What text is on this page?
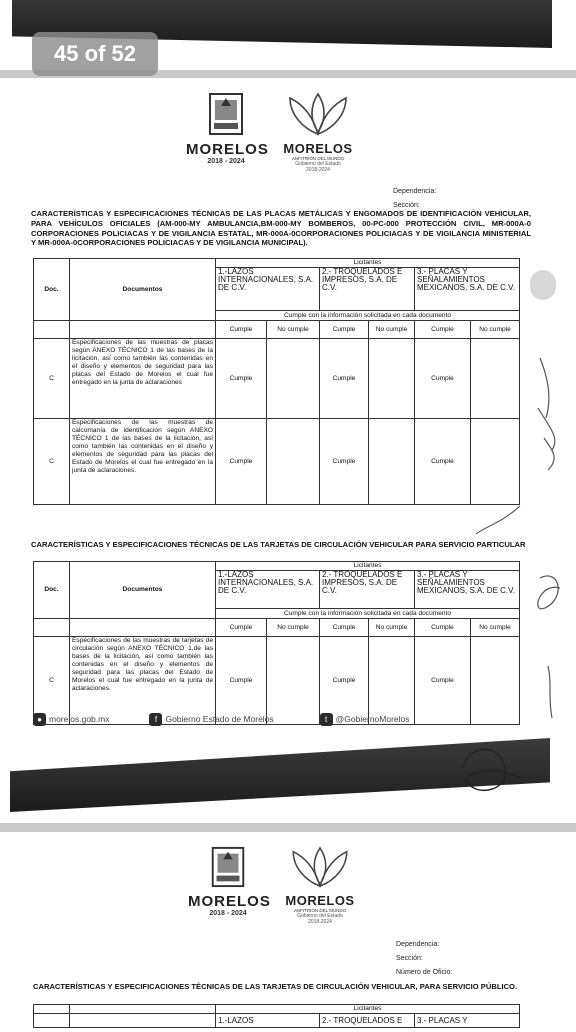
45 of 52
MORELOS
2018 - 2024
MORELOS
ANFITRIÓN DEL MUNDO
Gobierno del Estado
2018-2024
Dependencia:
Sección:
CARACTERÍSTICAS Y ESPECIFICACIONES TÉCNICAS DE LAS PLACAS METÁLICAS Y ENGOMADOS DE IDENTIFICACIÓN VEHICULAR, PARA VEHÍCULOS OFICIALES (AM-000-MY AMBULANCIA,BM-000-MY BOMBEROS, 00-PC-000 PROTECCIÓN CIVIL, MR-000A-0 CORPORACIONES POLICIACAS Y DE VIGILANCIA ESTATAL, MR-000A-0CORPORACIONES POLICIACAS Y DE VIGILANCIA MINISTERIAL Y MR-000A-0CORPORACIONES POLICIACAS Y DE VIGILANCIA MUNICIPAL).
Doc.	Documentos	Licitantes					
		1.-LAZOS INTERNACIONALES, S.A. DE C.V.		2.- TROQUELADOS E IMPRESOS, S.A. DE C.V.		3.- PLACAS Y SEÑALAMIENTOS MEXICANOS, S.A. DE C.V.	
		Cumple con la información solicitada en cada documento					
		Cumple	No cumple	Cumple	No cumple	Cumple	No cumple
C	Especificaciones de las muestras de placas según ANEXO TÉCNICO 1 de las bases de la licitación, así como también las contenidas en el diseño y elementos de seguridad para las placas del Estado de Morelos el cual fue entregado en la junta de aclaraciones	Cumple		Cumple		Cumple	
C	Especificaciones de las muestras de calcomanía de identificación según ANEXO TÉCNICO 1 de las bases de la licitación, así como también las contenidas en el diseño y elementos de seguridad para las placas del Estado de Morelos el cual fue entregado en la junta de aclaraciones.	Cumple		Cumple		Cumple	
CARACTERÍSTICAS Y ESPECIFICACIONES TÉCNICAS DE LAS TARJETAS DE CIRCULACIÓN VEHICULAR PARA SERVICIO PARTICULAR
Doc.	Documentos	Licitantes					
		1.-LAZOS INTERNACIONALES, S.A. DE C.V.		2.- TROQUELADOS E IMPRESOS, S.A. DE C.V.		3.- PLACAS Y SEÑALAMIENTOS MEXICANOS, S.A. DE C.V.	
		Cumple con la información solicitada en cada documento					
		Cumple	No cumple	Cumple	No cumple	Cumple	No cumple
C	Especificaciones de las muestras de tarjetas de circulación según ANEXO TÉCNICO 1.de las bases de la licitación, así como también las contenidas en el diseño y elementos de seguridad para las placas del Estado de Morelos el cual fue entregado en la junta de aclaraciones.	Cumple		Cumple		Cumple	
● morelos.gob.mx	f Gobierno Estado de Morelos	t @GobiernoMorelos
MORELOS
2018 - 2024
MORELOS
ANFITRIÓN DEL MUNDO
Gobierno del Estado
2018-2024
Dependencia:
Sección:
Número de Oficio:
CARACTERÍSTICAS Y ESPECIFICACIONES TÉCNICAS DE LAS TARJETAS DE CIRCULACIÓN VEHICULAR, PARA SERVICIO PÚBLICO.
		Licitantes		
		1.-LAZOS	2.- TROQUELADOS E	3.- PLACAS Y
